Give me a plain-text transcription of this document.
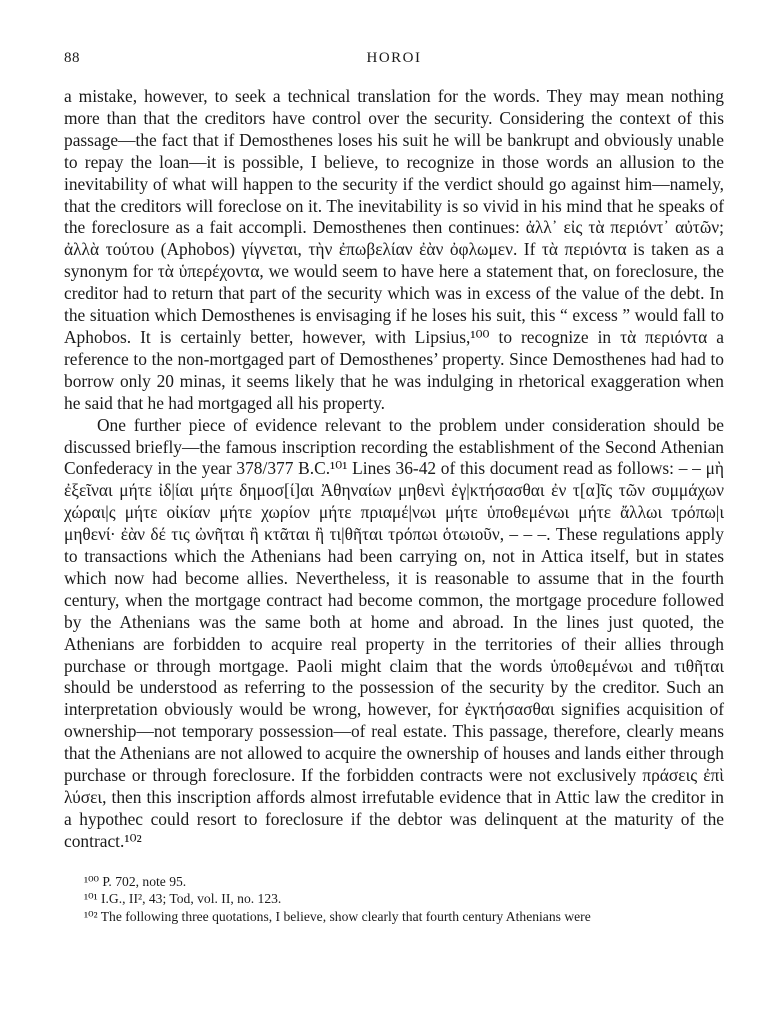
88	HOROI

a mistake, however, to seek a technical translation for the words. They may mean nothing more than that the creditors have control over the security. Considering the context of this passage—the fact that if Demosthenes loses his suit he will be bankrupt and obviously unable to repay the loan—it is possible, I believe, to recognize in those words an allusion to the inevitability of what will happen to the security if the verdict should go against him—namely, that the creditors will foreclose on it. The inevitability is so vivid in his mind that he speaks of the foreclosure as a fait accompli. Demosthenes then continues: ἀλλ᾽ εἰς τὰ περιόντ᾽ αὐτῶν; ἀλλὰ τούτου (Aphobos) γίγνεται, τὴν ἐπωβελίαν ἐὰν ὀφλωμεν. If τὰ περιόντα is taken as a synonym for τὰ ὑπερέχοντα, we would seem to have here a statement that, on foreclosure, the creditor had to return that part of the security which was in excess of the value of the debt. In the situation which Demosthenes is envisaging if he loses his suit, this “ excess ” would fall to Aphobos. It is certainly better, however, with Lipsius,¹⁰⁰ to recognize in τὰ περιόντα a reference to the non-mortgaged part of Demosthenes’ property. Since Demosthenes had had to borrow only 20 minas, it seems likely that he was indulging in rhetorical exaggeration when he said that he had mortgaged all his property.

One further piece of evidence relevant to the problem under consideration should be discussed briefly—the famous inscription recording the establishment of the Second Athenian Confederacy in the year 378/377 B.C.¹⁰¹ Lines 36-42 of this document read as follows: – – μὴ ἐξεῖναι μήτε ἰδ|ίαι μήτε δημοσ[ί]αι Ἀθηναίων μηθενὶ ἐγ|κτήσασθαι ἐν τ[α]ῖς τῶν συμμάχων χώραι|ς μήτε οἰκίαν μήτε χωρίον μήτε πριαμέ|νωι μήτε ὑποθεμένωι μήτε ἄλλωι τρόπω|ι μηθενί· ἐὰν δέ τις ὠνῆται ἢ κτᾶται ἢ τι|θῆται τρόπωι ὁτωιοῦν, – – –. These regulations apply to transactions which the Athenians had been carrying on, not in Attica itself, but in states which now had become allies. Nevertheless, it is reasonable to assume that in the fourth century, when the mortgage contract had become common, the mortgage procedure followed by the Athenians was the same both at home and abroad. In the lines just quoted, the Athenians are forbidden to acquire real property in the territories of their allies through purchase or through mortgage. Paoli might claim that the words ὑποθεμένωι and τιθῆται should be understood as referring to the possession of the security by the creditor. Such an interpretation obviously would be wrong, however, for ἐγκτήσασθαι signifies acquisition of ownership—not temporary possession—of real estate. This passage, therefore, clearly means that the Athenians are not allowed to acquire the ownership of houses and lands either through purchase or through foreclosure. If the forbidden contracts were not exclusively πράσεις ἐπὶ λύσει, then this inscription affords almost irrefutable evidence that in Attic law the creditor in a hypothec could resort to foreclosure if the debtor was delinquent at the maturity of the contract.¹⁰²

¹⁰⁰ P. 702, note 95.

¹⁰¹ I.G., II², 43; Tod, vol. II, no. 123.

¹⁰² The following three quotations, I believe, show clearly that fourth century Athenians were
